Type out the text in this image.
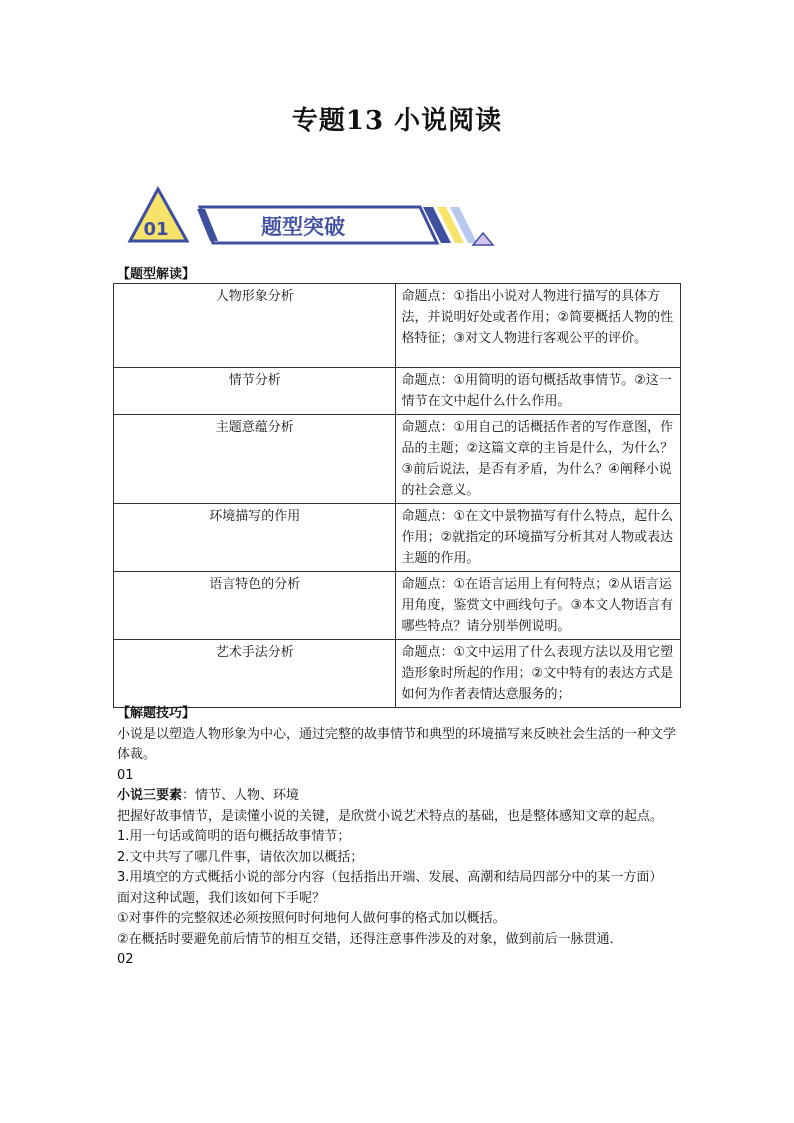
专题13 小说阅读
01	题型突破
【题型解读】
人物形象分析	命题点：①指出小说对人物进行描写的具体方法，并说明好处或者作用；②简要概括人物的性格特征；③对文人物进行客观公平的评价。
情节分析	命题点：①用简明的语句概括故事情节。②这一情节在文中起什么什么作用。
主题意蕴分析	命题点：①用自己的话概括作者的写作意图，作品的主题；②这篇文章的主旨是什么，为什么？③前后说法，是否有矛盾，为什么？④阐释小说的社会意义。
环境描写的作用	命题点：①在文中景物描写有什么特点，起什么作用；②就指定的环境描写分析其对人物或表达主题的作用。
语言特色的分析	命题点：①在语言运用上有何特点；②从语言运用角度，鉴赏文中画线句子。③本文人物语言有哪些特点？请分别举例说明。
艺术手法分析	命题点：①文中运用了什么表现方法以及用它塑造形象时所起的作用；②文中特有的表达方式是如何为作者表情达意服务的；

【解题技巧】

小说是以塑造人物形象为中心，通过完整的故事情节和典型的环境描写来反映社会生活的一种文学体裁。

01

小说三要素：情节、人物、环境

把握好故事情节，是读懂小说的关键，是欣赏小说艺术特点的基础，也是整体感知文章的起点。

1.用一句话或简明的语句概括故事情节；

2.文中共写了哪几件事，请依次加以概括；

3.用填空的方式概括小说的部分内容（包括指出开端、发展、高潮和结局四部分中的某一方面）

面对这种试题，我们该如何下手呢？

①对事件的完整叙述必须按照何时何地何人做何事的格式加以概括。

②在概括时要避免前后情节的相互交错，还得注意事件涉及的对象，做到前后一脉贯通．

02
